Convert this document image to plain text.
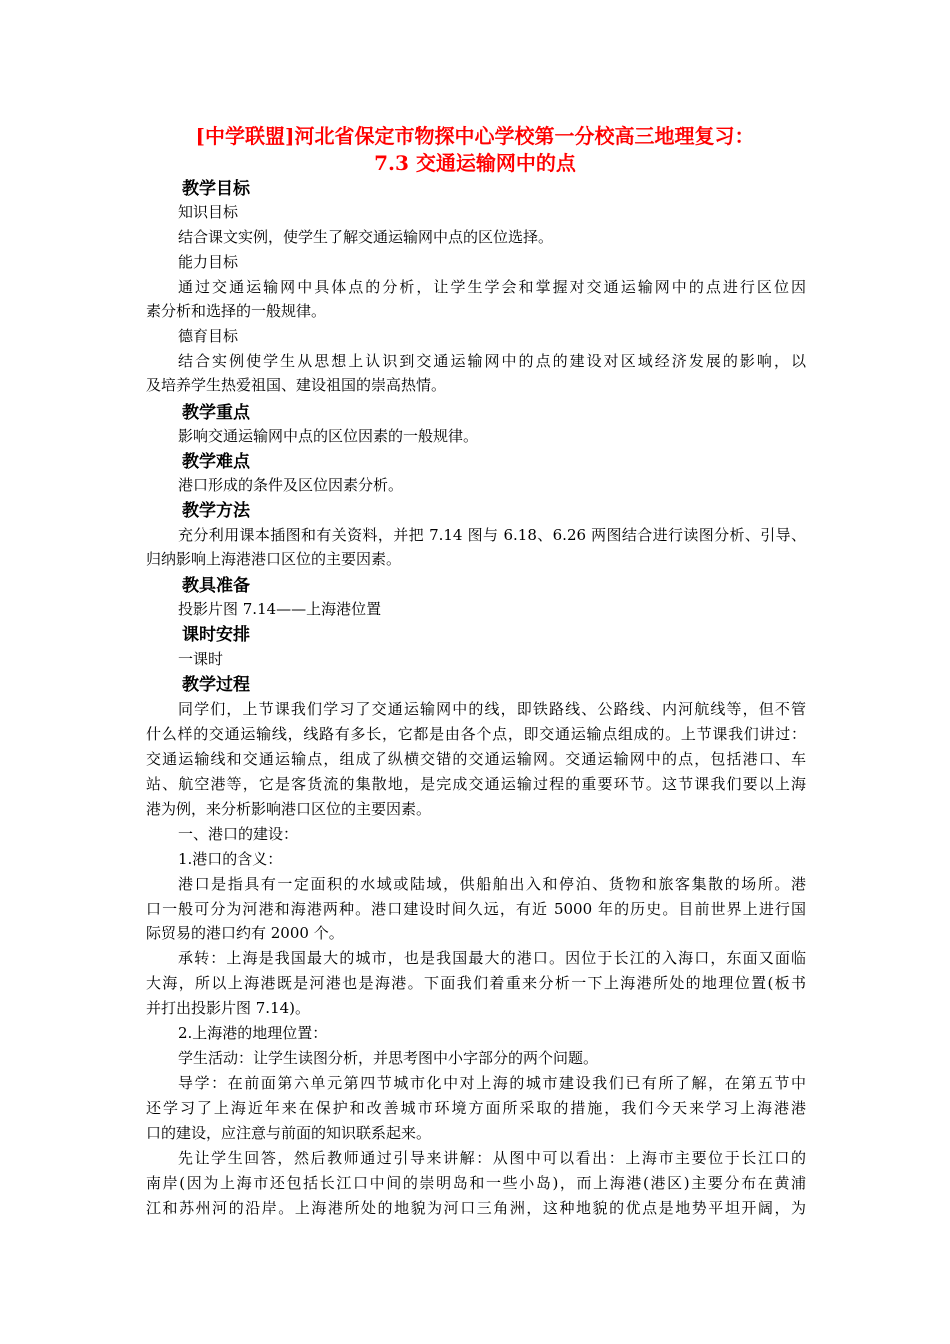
[中学联盟]河北省保定市物探中心学校第一分校高三地理复习：
7.3 交通运输网中的点
教学目标
知识目标
结合课文实例，使学生了解交通运输网中点的区位选择。
能力目标
通过交通运输网中具体点的分析，让学生学会和掌握对交通运输网中的点进行区位因
素分析和选择的一般规律。
德育目标
结合实例使学生从思想上认识到交通运输网中的点的建设对区域经济发展的影响，以
及培养学生热爱祖国、建设祖国的崇高热情。
教学重点
影响交通运输网中点的区位因素的一般规律。
教学难点
港口形成的条件及区位因素分析。
教学方法
充分利用课本插图和有关资料，并把 7.14 图与 6.18、6.26 两图结合进行读图分析、引导、
归纳影响上海港港口区位的主要因素。
教具准备
投影片图 7.14——上海港位置
课时安排
一课时
教学过程
同学们，上节课我们学习了交通运输网中的线，即铁路线、公路线、内河航线等，但不管
什么样的交通运输线，线路有多长，它都是由各个点，即交通运输点组成的。上节课我们讲过：
交通运输线和交通运输点，组成了纵横交错的交通运输网。交通运输网中的点，包括港口、车
站、航空港等，它是客货流的集散地，是完成交通运输过程的重要环节。这节课我们要以上海
港为例，来分析影响港口区位的主要因素。
一、港口的建设：
1.港口的含义：
港口是指具有一定面积的水域或陆域，供船舶出入和停泊、货物和旅客集散的场所。港
口一般可分为河港和海港两种。港口建设时间久远，有近 5000 年的历史。目前世界上进行国
际贸易的港口约有 2000 个。
承转：上海是我国最大的城市，也是我国最大的港口。因位于长江的入海口，东面又面临
大海，所以上海港既是河港也是海港。下面我们着重来分析一下上海港所处的地理位置(板书
并打出投影片图 7.14)。
2.上海港的地理位置：
学生活动：让学生读图分析，并思考图中小字部分的两个问题。
导学：在前面第六单元第四节城市化中对上海的城市建设我们已有所了解，在第五节中
还学习了上海近年来在保护和改善城市环境方面所采取的措施，我们今天来学习上海港港
口的建设，应注意与前面的知识联系起来。
先让学生回答，然后教师通过引导来讲解：从图中可以看出：上海市主要位于长江口的
南岸(因为上海市还包括长江口中间的崇明岛和一些小岛)，而上海港(港区)主要分布在黄浦
江和苏州河的沿岸。上海港所处的地貌为河口三角洲，这种地貌的优点是地势平坦开阔，为
